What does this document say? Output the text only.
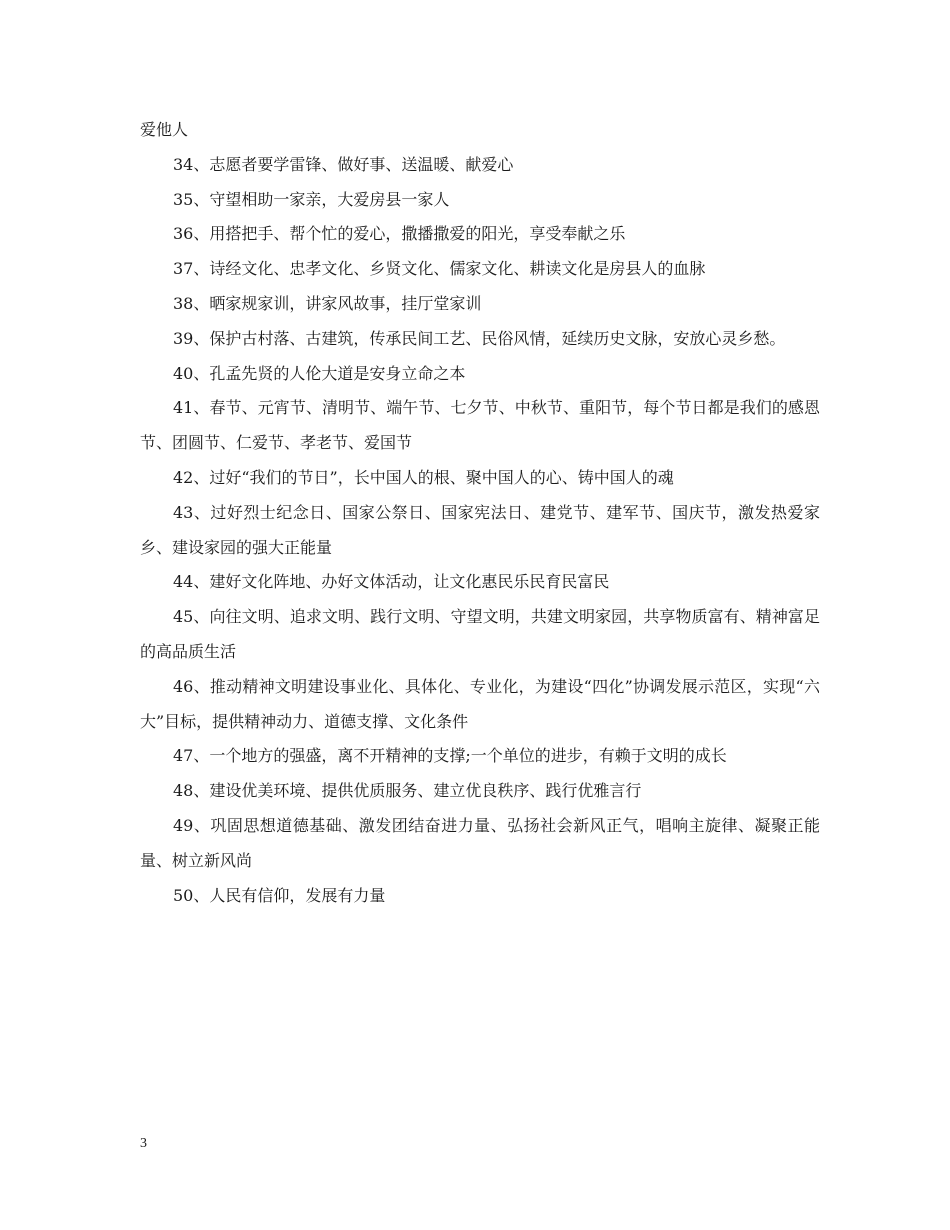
爱他人

34、志愿者要学雷锋、做好事、送温暖、献爱心

35、守望相助一家亲，大爱房县一家人

36、用搭把手、帮个忙的爱心，撒播撒爱的阳光，享受奉献之乐

37、诗经文化、忠孝文化、乡贤文化、儒家文化、耕读文化是房县人的血脉

38、晒家规家训，讲家风故事，挂厅堂家训

39、保护古村落、古建筑，传承民间工艺、民俗风情，延续历史文脉，安放心灵乡愁。

40、孔孟先贤的人伦大道是安身立命之本

41、春节、元宵节、清明节、端午节、七夕节、中秋节、重阳节，每个节日都是我们的感恩节、团圆节、仁爱节、孝老节、爱国节

42、过好“我们的节日”，长中国人的根、聚中国人的心、铸中国人的魂

43、过好烈士纪念日、国家公祭日、国家宪法日、建党节、建军节、国庆节，激发热爱家乡、建设家园的强大正能量

44、建好文化阵地、办好文体活动，让文化惠民乐民育民富民

45、向往文明、追求文明、践行文明、守望文明，共建文明家园，共享物质富有、精神富足的高品质生活

46、推动精神文明建设事业化、具体化、专业化，为建设“四化”协调发展示范区，实现“六大”目标，提供精神动力、道德支撑、文化条件

47、一个地方的强盛，离不开精神的支撑;一个单位的进步，有赖于文明的成长

48、建设优美环境、提供优质服务、建立优良秩序、践行优雅言行

49、巩固思想道德基础、激发团结奋进力量、弘扬社会新风正气，唱响主旋律、凝聚正能量、树立新风尚

50、人民有信仰，发展有力量

3
